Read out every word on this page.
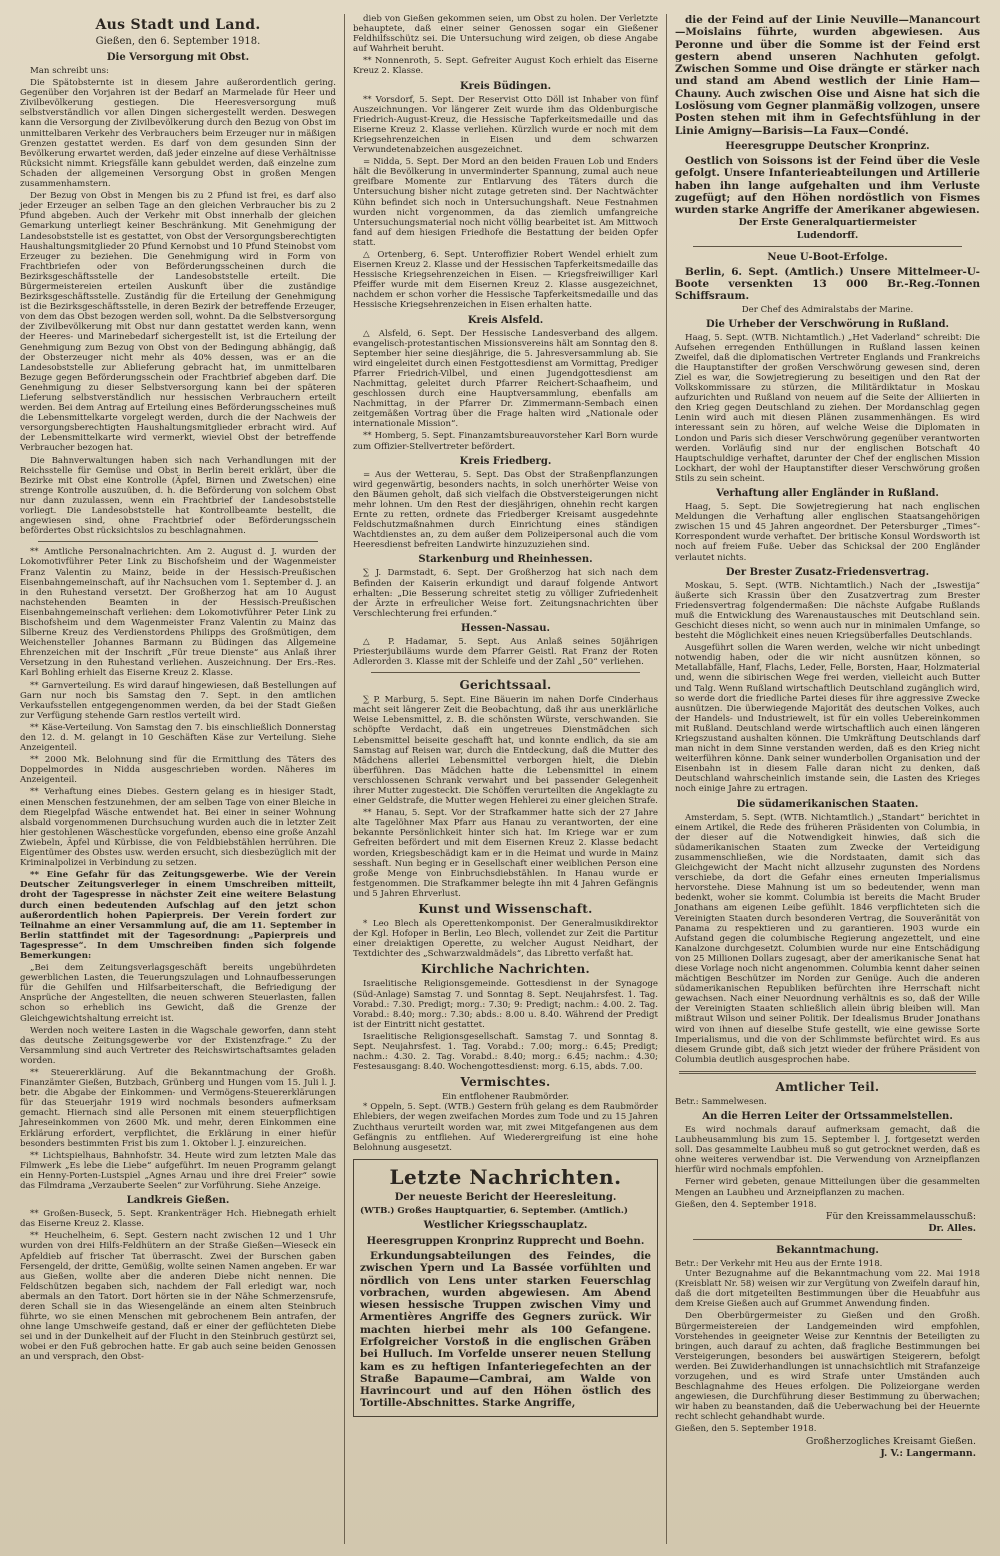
Aus Stadt und Land.
Gießen, den 6. September 1918.
Die Versorgung mit Obst.

Man schreibt uns:

Die Spätobsternte ist in diesem Jahre außerordentlich gering. Gegenüber den Vorjahren ist der Bedarf an Marmelade für Heer und Zivilbevölkerung gestiegen. Die Heeresversorgung muß selbstverständlich vor allen Dingen sichergestellt werden. Deswegen kann die Versorgung der Zivilbevölkerung durch den Bezug von Obst im unmittelbaren Verkehr des Verbrauchers beim Erzeuger nur in mäßigen Grenzen gestattet werden. Es darf von dem gesunden Sinn der Bevölkerung erwartet werden, daß jeder einzelne auf diese Verhältnisse Rücksicht nimmt. Kriegsfälle kann gebuldet werden, daß einzelne zum Schaden der allgemeinen Versorgung Obst in großen Mengen zusammenhamstern.

Der Bezug von Obst in Mengen bis zu 2 Pfund ist frei, es darf also jeder Erzeuger an selben Tage an den gleichen Verbraucher bis zu 2 Pfund abgeben. Auch der Verkehr mit Obst innerhalb der gleichen Gemarkung unterliegt keiner Beschränkung. Mit Genehmigung der Landesobststelle ist es gestattet, von Obst der Versorgungsberechtigten Haushaltungsmitglieder 20 Pfund Kernobst und 10 Pfund Steinobst vom Erzeuger zu beziehen. Die Genehmigung wird in Form von Frachtbriefen oder von Beförderungsscheinen durch die Bezirksgeschäftsstelle der Landesobststelle erteilt. Die Bürgermeistereien erteilen Auskunft über die zuständige Bezirksgeschäftsstelle. Zuständig für die Erteilung der Genehmigung ist die Bezirksgeschäftsstelle, in deren Bezirk der betreffende Erzeuger, von dem das Obst bezogen werden soll, wohnt. Da die Selbstversorgung der Zivilbevölkerung mit Obst nur dann gestattet werden kann, wenn der Heeres- und Marinebedarf sichergestellt ist, ist die Erteilung der Genehmigung zum Bezug von Obst von der Bedingung abhängig, daß der Obsterzeuger nicht mehr als 40% dessen, was er an die Landesobststelle zur Ablieferung gebracht hat, im unmittelbaren Bezuge gegen Beförderungsschein oder Frachtbrief abgeben darf. Die Genehmigung zu dieser Selbstversorgung kann bei der späteren Lieferung selbstverständlich nur hessischen Verbrauchern erteilt werden. Bei dem Antrag auf Erteilung eines Beförderungsscheines muß die Lebensmittelkarte vorgelegt werden, durch die der Nachweis der versorgungsberechtigten Haushaltungsmitglieder erbracht wird. Auf der Lebensmittelkarte wird vermerkt, wieviel Obst der betreffende Verbraucher bezogen hat.

Die Bahnverwaltungen haben sich nach Verhandlungen mit der Reichsstelle für Gemüse und Obst in Berlin bereit erklärt, über die Bezirke mit Obst eine Kontrolle (Äpfel, Birnen und Zwetschen) eine strenge Kontrolle auszuüben, d. h. die Beförderung von solchem Obst nur dann zuzulassen, wenn ein Frachtbrief der Landesobststelle vorliegt. Die Landesobststelle hat Kontrollbeamte bestellt, die angewiesen sind, ohne Frachtbrief oder Beförderungsschein befördertes Obst rücksichtslos zu beschlagnahmen.

** Amtliche Personalnachrichten. Am 2. August d. J. wurden der Lokomotivführer Peter Link zu Bischofsheim und der Wagenmeister Franz Valentin zu Mainz, beide in der Hessisch-Preußischen Eisenbahngemeinschaft, auf ihr Nachsuchen vom 1. September d. J. an in den Ruhestand versetzt. Der Großherzog hat am 10 August nachstehenden Beamten in der Hessisch-Preußischen Eisenbahngemeinschaft verliehen: dem Lokomotivführer Peter Link zu Bischofsheim und dem Wagenmeister Franz Valentin zu Mainz das Silberne Kreuz des Verdienstordens Philipps des Großmütigen, dem Weichensteller Johannes Barmann zu Büdingen das Allgemeine Ehrenzeichen mit der Inschrift „Für treue Dienste“ aus Anlaß ihrer Versetzung in den Ruhestand verliehen. Auszeichnung. Der Ers.-Res. Karl Bohling erhielt das Eiserne Kreuz 2. Klasse.

** Garnverteilung. Es wird darauf hingewiesen, daß Bestellungen auf Garn nur noch bis Samstag den 7. Sept. in den amtlichen Verkaufsstellen entgegengenommen werden, da bei der Stadt Gießen zur Verfügung stehende Garn restlos verteilt wird.

** Käse-Verteilung. Von Samstag den 7. bis einschließlich Donnerstag den 12. d. M. gelangt in 10 Geschäften Käse zur Verteilung. Siehe Anzeigenteil.

** 2000 Mk. Belohnung sind für die Ermittlung des Täters des Doppelmordes in Nidda ausgeschrieben worden. Näheres im Anzeigenteil.

** Verhaftung eines Diebes. Gestern gelang es in hiesiger Stadt, einen Menschen festzunehmen, der am selben Tage von einer Bleiche in dem Riegelpfad Wäsche entwendet hat. Bei einer in seiner Wohnung alsbald vorgenommenen Durchsuchung wurden auch die in letzter Zeit hier gestohlenen Wäschestücke vorgefunden, ebenso eine große Anzahl Zwiebeln, Äpfel und Kürbisse, die von Feldbiebstählen herrühren. Die Eigentümer des Obstes usw. werden ersucht, sich diesbezüglich mit der Kriminalpolizei in Verbindung zu setzen.

** Eine Gefahr für das Zeitungsgewerbe. Wie der Verein Deutscher Zeitungsverleger in einem Umschreiben mitteilt, droht der Tagespresse in nächster Zeit eine weitere Belastung durch einen bedeutenden Aufschlag auf den jetzt schon außerordentlich hohen Papierpreis. Der Verein fordert zur Teilnahme an einer Versammlung auf, die am 11. September in Berlin stattfindet mit der Tagesordnung: „Papierpreis und Tagespresse“. In dem Umschreiben finden sich folgende Bemerkungen:

„Bei dem Zeitungsverlagsgeschäft bereits ungebührdeten gewerblichen Lasten, die Teuerungszulagen und Lohnaufbesserungen für die Gehilfen und Hilfsarbeiterschaft, die Befriedigung der Ansprüche der Angestellten, die neuen schweren Steuerlasten, fallen schon so erheblich ins Gewicht, daß die Grenze der Gleichgewichtshaltung erreicht ist.

Werden noch weitere Lasten in die Wagschale geworfen, dann steht das deutsche Zeitungsgewerbe vor der Existenzfrage.“ Zu der Versammlung sind auch Vertreter des Reichswirtschaftsamtes geladen worden.

** Steuererklärung. Auf die Bekanntmachung der Großh. Finanzämter Gießen, Butzbach, Grünberg und Hungen vom 15. Juli l. J. betr. die Abgabe der Einkommen- und Vermögens-Steuererklärungen für das Steuerjahr 1919 wird nochmals besonders aufmerksam gemacht. Hiernach sind alle Personen mit einem steuerpflichtigen Jahreseinkommen von 2600 Mk. und mehr, deren Einkommen eine Erklärung erfordert, verpflichtet, die Erklärung in einer hiefür besonders bestimmten Frist bis zum 1. Oktober l. J. einzureichen.

** Lichtspielhaus, Bahnhofstr. 34. Heute wird zum letzten Male das Filmwerk „Es lebe die Liebe“ aufgeführt. Im neuen Programm gelangt ein Henny-Porten-Lustspiel „Agnes Arnau und ihre drei Freier“ sowie das Filmdrama „Verzauberte Seelen“ zur Vorführung. Siehe Anzeige.

Landkreis Gießen.

** Großen-Buseck, 5. Sept. Krankenträger Hch. Hiebnegath erhielt das Eiserne Kreuz 2. Klasse.

** Heuchelheim, 6. Sept. Gestern nacht zwischen 12 und 1 Uhr wurden von drei Hilfs-Feldhütern an der Straße Gießen—Wieseck ein Apfeldieb auf frischer Tat überrascht. Zwei der Burschen gaben Fersengeld, der dritte, Gemüßig, wollte seinen Namen angeben. Er war aus Gießen, wollte aber die anderen Diebe nicht nennen. Die Feldschützen begaben sich, nachdem der Fall erledigt war, noch abermals an den Tatort. Dort hörten sie in der Nähe Schmerzensrufe, deren Schall sie in das Wiesengelände an einem alten Steinbruch führte, wo sie einen Menschen mit gebrochenem Bein antrafen, der ohne lange Umschweife gestand, daß er einer der geflüchteten Diebe sei und in der Dunkelheit auf der Flucht in den Steinbruch gestürzt sei, wobei er den Fuß gebrochen hatte. Er gab auch seine beiden Genossen an und versprach, den Obst-

dieb von Gießen gekommen seien, um Obst zu holen. Der Verletzte behauptete, daß einer seiner Genossen sogar ein Gießener Feldhilfsschütz sei. Die Untersuchung wird zeigen, ob diese Angabe auf Wahrheit beruht.

** Nonnenroth, 5. Sept. Gefreiter August Koch erhielt das Eiserne Kreuz 2. Klasse.

Kreis Büdingen.

** Vorsdorf, 5. Sept. Der Reservist Otto Döll ist Inhaber von fünf Auszeichnungen. Vor längerer Zeit wurde ihm das Oldenburgische Friedrich-August-Kreuz, die Hessische Tapferkeitsmedaille und das Eiserne Kreuz 2. Klasse verliehen. Kürzlich wurde er noch mit dem Kriegsehrenzeichen in Eisen und dem schwarzen Verwundetenabzeichen ausgezeichnet.

= Nidda, 5. Sept. Der Mord an den beiden Frauen Lob und Enders hält die Bevölkerung in unverminderter Spannung, zumal auch neue greifbare Momente zur Entlarvung des Täters durch die Untersuchung bisher nicht zutage getreten sind. Der Nachtwächter Kühn befindet sich noch in Untersuchungshaft. Neue Festnahmen wurden nicht vorgenommen, da das ziemlich umfangreiche Untersuchungsmaterial noch nicht völlig bearbeitet ist. Am Mittwoch fand auf dem hiesigen Friedhofe die Bestattung der beiden Opfer statt.

△ Ortenberg, 6. Sept. Unteroffizier Robert Wendel erhielt zum Eisernen Kreuz 2. Klasse und der Hessischen Tapferkeitsmedaille das Hessische Kriegsehrenzeichen in Eisen. — Kriegsfreiwilliger Karl Pfeiffer wurde mit dem Eisernen Kreuz 2. Klasse ausgezeichnet, nachdem er schon vorher die Hessische Tapferkeitsmedaille und das Hessische Kriegsehrenzeichen in Eisen erhalten hatte.

Kreis Alsfeld.

△ Alsfeld, 6. Sept. Der Hessische Landesverband des allgem. evangelisch-protestantischen Missionsvereins hält am Sonntag den 8. September hier seine diesjährige, die 5. Jahresversammlung ab. Sie wird eingeleitet durch einen Festgottesdienst am Vormittag, Prediger Pfarrer Friedrich-Vilbel, und einen Jugendgottesdienst am Nachmittag, geleitet durch Pfarrer Reichert-Schaafheim, und geschlossen durch eine Hauptversammlung, ebenfalls am Nachmittag, in der Pfarrer Dr. Zimmermann-Sembach einen zeitgemäßen Vortrag über die Frage halten wird „Nationale oder internationale Mission“.

** Homberg, 5. Sept. Finanzamtsbureauvorsteher Karl Born wurde zum Offizier-Stellvertreter befördert.

Kreis Friedberg.

= Aus der Wetterau, 5. Sept. Das Obst der Straßenpflanzungen wird gegenwärtig, besonders nachts, in solch unerhörter Weise von den Bäumen geholt, daß sich vielfach die Obstversteigerungen nicht mehr lohnen. Um den Rest der diesjährigen, ohnehin recht kargen Ernte zu retten, ordnete das Friedberger Kreisamt ausgedehnte Feldschutzmaßnahmen durch Einrichtung eines ständigen Wachtdienstes an, zu dem außer dem Polizeipersonal auch die vom Heeresdienst befreiten Landwirte hinzuzuziehen sind.

Starkenburg und Rheinhessen.

∑ J. Darmstadt, 6. Sept. Der Großherzog hat sich nach dem Befinden der Kaiserin erkundigt und darauf folgende Antwort erhalten: „Die Besserung schreitet stetig zu völliger Zufriedenheit der Ärzte in erfreulicher Weise fort. Zeitungsnachrichten über Verschlechterung frei erfunden.“

Hessen-Nassau.

△ P. Hadamar, 5. Sept. Aus Anlaß seines 50jährigen Priesterjubiläums wurde dem Pfarrer Geistl. Rat Franz der Roten Adlerorden 3. Klasse mit der Schleife und der Zahl „50“ verliehen.

Gerichtssaal.

∑ P. Marburg, 5. Sept. Eine Bäuerin im nahen Dorfe Cinderhaus macht seit längerer Zeit die Beobachtung, daß ihr aus unerklärliche Weise Lebensmittel, z. B. die schönsten Würste, verschwanden. Sie schöpfte Verdacht, daß ein ungetreues Dienstmädchen sich Lebensmittel beiseite geschafft hat, und konnte endlich, da sie am Samstag auf Reisen war, durch die Entdeckung, daß die Mutter des Mädchens allerlei Lebensmittel verborgen hielt, die Diebin überführen. Das Mädchen hatte die Lebensmittel in einem verschlossenen Schrank verwahrt und bei passender Gelegenheit ihrer Mutter zugesteckt. Die Schöffen verurteilten die Angeklagte zu einer Geldstrafe, die Mutter wegen Hehlerei zu einer gleichen Strafe.

** Hanau, 5. Sept. Vor der Strafkammer hatte sich der 27 Jahre alte Tagelöhner Max Pfarr aus Hanau zu verantworten, der eine bekannte Persönlichkeit hinter sich hat. Im Kriege war er zum Gefreiten befördert und mit dem Eisernen Kreuz 2. Klasse bedacht worden, Kriegsbeschädigt kam er in die Heimat und wurde in Mainz sesshaft. Nun beging er in Gesellschaft einer weiblichen Person eine große Menge von Einbruchsdiebstählen. In Hanau wurde er festgenommen. Die Strafkammer belegte ihn mit 4 Jahren Gefängnis und 5 Jahren Ehrverlust.

Kunst und Wissenschaft.

* Leo Blech als Operettenkomponist. Der Generalmusikdirektor der Kgl. Hofoper in Berlin, Leo Blech, vollendet zur Zeit die Partitur einer dreiaktigen Operette, zu welcher August Neidhart, der Textdichter des „Schwarzwaldmädels“, das Libretto verfaßt hat.

Kirchliche Nachrichten.

Israelitische Religionsgemeinde. Gottesdienst in der Synagoge (Süd-Anlage) Samstag 7. und Sonntag 8. Sept. Neujahrsfest. 1. Tag. Vorabd.: 7.30. Predigt; morg.: 7.30; 9: Predigt; nachm.: 4.00. 2. Tag. Vorabd.: 8.40; morg.: 7.30; abds.: 8.00 u. 8.40. Während der Predigt ist der Eintritt nicht gestattet.

Israelitische Religionsgesellschaft. Samstag 7. und Sonntag 8. Sept. Neujahrsfest. 1. Tag. Vorabd.: 7.00; morg.: 6.45; Predigt; nachm.: 4.30. 2. Tag. Vorabd.: 8.40; morg.: 6.45; nachm.: 4.30; Festesausgang: 8.40. Wochengottesdienst: morg. 6.15, abds. 7.00.

Vermischtes.
Ein entflohener Raubmörder.

* Oppeln, 5. Sept. (WTB.) Gestern früh gelang es dem Raubmörder Ehlebiers, der wegen zweifachen Mordes zum Tode und zu 15 Jahren Zuchthaus verurteilt worden war, mit zwei Mitgefangenen aus dem Gefängnis zu entfliehen. Auf Wiederergreifung ist eine hohe Belohnung ausgesetzt.

Letzte Nachrichten.
Der neueste Bericht der Heeresleitung.
(WTB.) Großes Hauptquartier, 6. September. (Amtlich.)
Westlicher Kriegsschauplatz.
Heeresgruppen Kronprinz Rupprecht und Boehn.

Erkundungsabteilungen des Feindes, die zwischen Ypern und La Bassée vorfühlten und nördlich von Lens unter starken Feuerschlag vorbrachen, wurden abgewiesen. Am Abend wiesen hessische Truppen zwischen Vimy und Armentières Angriffe des Gegners zurück. Wir machten hierbei mehr als 100 Gefangene. Erfolgreicher Vorstoß in die englischen Gräben bei Hulluch. Im Vorfelde unserer neuen Stellung kam es zu heftigen Infanteriegefechten an der Straße Bapaume—Cambrai, am Walde von Havrincourt und auf den Höhen östlich des Tortille-Abschnittes. Starke Angriffe,

die der Feind auf der Linie Neuville—Manancourt—Moislains führte, wurden abgewiesen. Aus Peronne und über die Somme ist der Feind erst gestern abend unseren Nachhuten gefolgt. Zwischen Somme und Oise drängte er stärker nach und stand am Abend westlich der Linie Ham—Chauny. Auch zwischen Oise und Aisne hat sich die Loslösung vom Gegner planmäßig vollzogen, unsere Posten stehen mit ihm in Gefechtsfühlung in der Linie Amigny—Barisis—La Faux—Condé.

Heeresgruppe Deutscher Kronprinz.

Oestlich von Soissons ist der Feind über die Vesle gefolgt. Unsere Infanterieabteilungen und Artillerie haben ihn lange aufgehalten und ihm Verluste zugefügt; auf den Höhen nordöstlich von Fismes wurden starke Angriffe der Amerikaner abgewiesen.

Der Erste Generalquartiermeister
Ludendorff.
Neue U-Boot-Erfolge.

Berlin, 6. Sept. (Amtlich.) Unsere Mittelmeer-U-Boote versenkten 13 000 Br.-Reg.-Tonnen Schiffsraum.

Der Chef des Admiralstabs der Marine.
Die Urheber der Verschwörung in Rußland.

Haag, 5. Sept. (WTB. Nichtamtlich.) „Het Vaderland“ schreibt: Die Aufsehen erregenden Enthüllungen in Rußland lassen keinen Zweifel, daß die diplomatischen Vertreter Englands und Frankreichs die Hauptanstifter der großen Verschwörung gewesen sind, deren Ziel es war, die Sowjetregierung zu beseitigen und den Rat der Volkskommissare zu stürzen, die Militärdiktatur in Moskau aufzurichten und Rußland von neuem auf die Seite der Alliierten in den Krieg gegen Deutschland zu ziehen. Der Mordanschlag gegen Lenin wird auch mit diesen Plänen zusammenhängen. Es wird interessant sein zu hören, auf welche Weise die Diplomaten in London und Paris sich dieser Verschwörung gegenüber verantworten werden. Vorläufig sind nur der englischen Botschaft 40 Hauptschuldige verhaftet, darunter der Chef der englischen Mission Lockhart, der wohl der Hauptanstifter dieser Verschwörung großen Stils zu sein scheint.

Verhaftung aller Engländer in Rußland.

Haag, 5. Sept. Die Sowjetregierung hat nach englischen Meldungen die Verhaftung aller englischen Staatsangehörigen zwischen 15 und 45 Jahren angeordnet. Der Petersburger „Times“-Korrespondent wurde verhaftet. Der britische Konsul Wordsworth ist noch auf freiem Fuße. Ueber das Schicksal der 200 Engländer verlautet nichts.

Der Brester Zusatz-Friedensvertrag.

Moskau, 5. Sept. (WTB. Nichtamtlich.) Nach der „Iswestija“ äußerte sich Krassin über den Zusatzvertrag zum Brester Friedensvertrag folgendermaßen: Die nächste Aufgabe Rußlands muß die Entwicklung des Warenaustausches mit Deutschland sein. Geschicht dieses nicht, so wenn auch nur in minimalen Umfange, so besteht die Möglichkeit eines neuen Kriegsüberfalles Deutschlands.

Ausgeführt sollen die Waren werden, welche wir nicht unbedingt notwendig haben, oder die wir nicht ausnützen können, so Metallabfälle, Hanf, Flachs, Leder, Felle, Borsten, Haar, Holzmaterial und, wenn die sibirischen Wege frei werden, vielleicht auch Butter und Talg. Wenn Rußland wirtschaftlich Deutschland zugänglich wird, so werde dort die friedliche Partei dieses für ihre aggressive Zwecke ausnützen. Die überwiegende Majorität des deutschen Volkes, auch der Handels- und Industriewelt, ist für ein volles Uebereinkommen mit Rußland. Deutschland werde wirtschaftlich auch einen längeren Kriegszustand aushalten können. Die Umkräftung Deutschlands darf man nicht in dem Sinne verstanden werden, daß es den Krieg nicht weiterführen könne. Dank seiner wunderbollen Organisation und der Eisenbahn ist in diesem Falle daran nicht zu denken, daß Deutschland wahrscheinlich imstande sein, die Lasten des Krieges noch einige Jahre zu ertragen.

Die südamerikanischen Staaten.

Amsterdam, 5. Sept. (WTB. Nichtamtlich.) „Standart“ berichtet in einem Artikel, die Rede des früheren Präsidenten von Columbia, in der dieser auf die Notwendigkeit hinwies, daß sich die südamerikanischen Staaten zum Zwecke der Verteidigung zusammenschließen, wie die Nordstaaten, damit sich das Gleichgewicht der Macht nicht allzusehr zugunsten des Nordens verschiebe, da dort die Gefahr eines erneuten Imperialismus hervorstehe. Diese Mahnung ist um so bedeutender, wenn man bedenkt, woher sie kommt. Columbia ist bereits die Macht Bruder Jonathans am eigenen Leibe gefühlt. 1846 verpflichteten sich die Vereinigten Staaten durch besonderen Vertrag, die Souveränität von Panama zu respektieren und zu garantieren. 1903 wurde ein Aufstand gegen die columbische Regierung angezettelt, und eine Kanalzone durchgesetzt. Columbien wurde nur eine Entschädigung von 25 Millionen Dollars zugesagt, aber der amerikanische Senat hat diese Vorlage noch nicht angenommen. Columbia kennt daher seinen mächtigen Beschützer im Norden zur Genüge. Auch die anderen südamerikanischen Republiken befürchten ihre Herrschaft nicht gewachsen. Nach einer Neuordnung verhältnis es so, daß der Wille der Vereinigten Staaten schließlich allein übrig bleiben will. Man mißtraut Wilson und seiner Politik. Der Idealismus Bruder Jonathans wird von ihnen auf dieselbe Stufe gestellt, wie eine gewisse Sorte Imperialismus, und die von der Schlimmste befürchtet wird. Es aus diesem Grunde gibt, daß sich jetzt wieder der frühere Präsident von Columbia deutlich ausgesprochen habe.

Amtlicher Teil.
Betr.: Sammelwesen.
An die Herren Leiter der Ortssammelstellen.

Es wird nochmals darauf aufmerksam gemacht, daß die Laubheusammlung bis zum 15. September l. J. fortgesetzt werden soll. Das gesammelte Laubheu muß so gut getrocknet werden, daß es ohne weiteres verwendbar ist. Die Verwendung von Arzneipflanzen hierfür wird nochmals empfohlen.

Ferner wird gebeten, genaue Mitteilungen über die gesammelten Mengen an Laubheu und Arzneipflanzen zu machen.

Gießen, den 4. September 1918.
Für den Kreissammelausschuß:
Dr. Alles.
Bekanntmachung.
Betr.: Der Verkehr mit Heu aus der Ernte 1918.

Unter Bezugnahme auf die Bekanntmachung vom 22. Mai 1918 (Kreisblatt Nr. 58) weisen wir zur Vergütung von Zweifeln darauf hin, daß die dort mitgeteilten Bestimmungen über die Heuabfuhr aus dem Kreise Gießen auch auf Grummet Anwendung finden.

Den Oberbürgermeister zu Gießen und den Großh. Bürgermeistereien der Landgemeinden wird empfohlen, Vorstehendes in geeigneter Weise zur Kenntnis der Beteiligten zu bringen, auch darauf zu achten, daß fragliche Bestimmungen bei Versteigerungen, besonders bei auswärtigen Steigerern, befolgt werden. Bei Zuwiderhandlungen ist unnachsichtlich mit Strafanzeige vorzugehen, und es wird Strafe unter Umständen auch Beschlagnahme des Heues erfolgen. Die Polizeiorgane werden angewiesen, die Durchführung dieser Bestimmung zu überwachen; wir haben zu beanstanden, daß die Ueberwachung bei der Heuernte recht schlecht gehandhabt wurde.

Gießen, den 5. September 1918.
Großherzogliches Kreisamt Gießen.
J. V.: Langermann.
